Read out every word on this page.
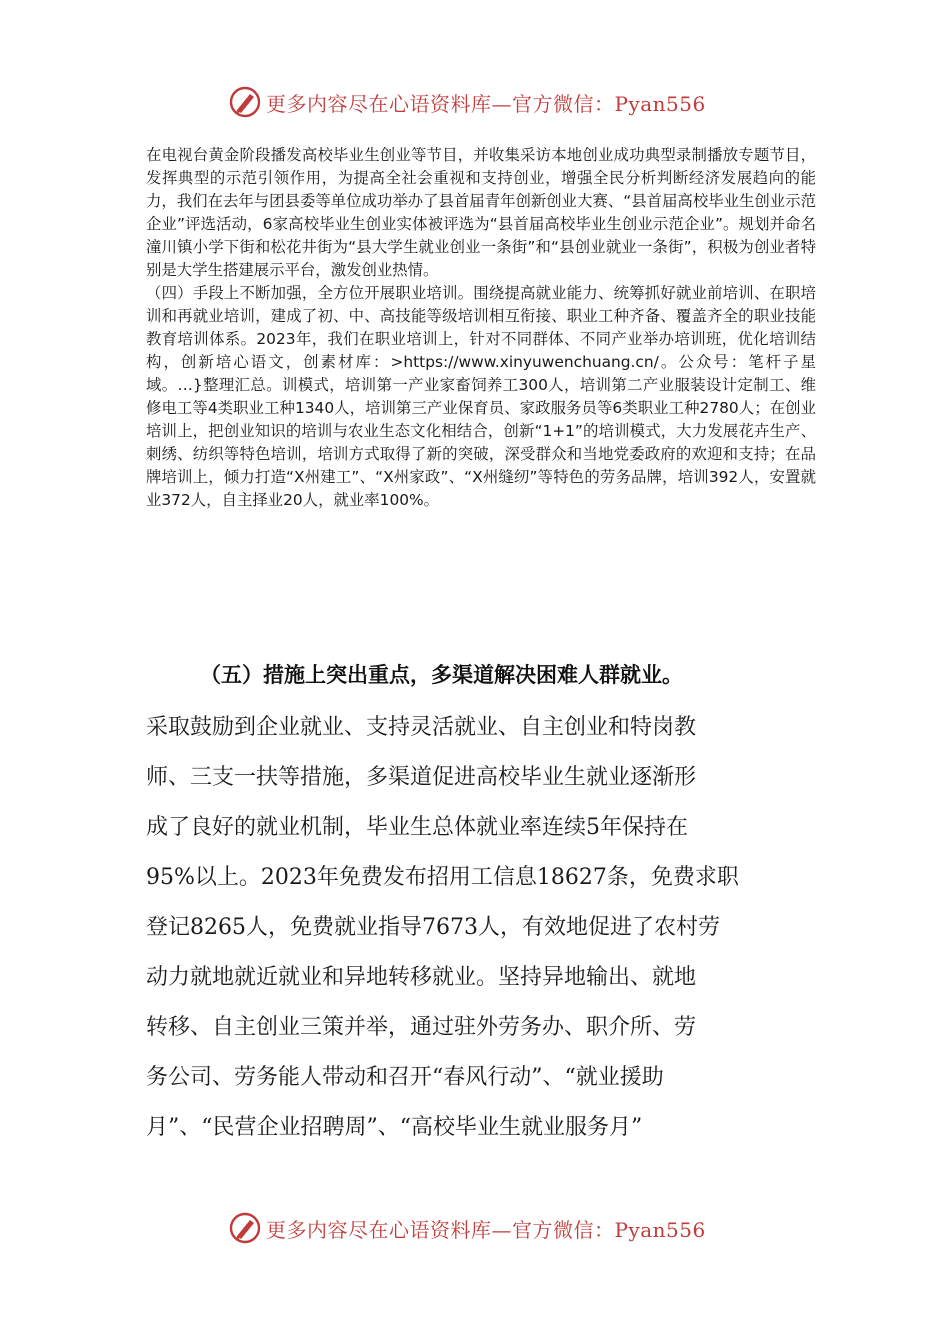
更多内容尽在心语资料库—官方微信：Pyan556

在电视台黄金阶段播发高校毕业生创业等节目，并收集采访本地创业成功典型录制播放专题节目，发挥典型的示范引领作用，为提高全社会重视和支持创业，增强全民分析判断经济发展趋向的能力，我们在去年与团县委等单位成功举办了县首届青年创新创业大赛、“县首届高校毕业生创业示范企业”评选活动，6家高校毕业生创业实体被评选为“县首届高校毕业生创业示范企业”。规划并命名潼川镇小学下街和松花井街为“县大学生就业创业一条街”和“县创业就业一条街”，积极为创业者特别是大学生搭建展示平台，激发创业热情。

（四）手段上不断加强，全方位开展职业培训。围绕提高就业能力、统筹抓好就业前培训、在职培训和再就业培训，建成了初、中、高技能等级培训相互衔接、职业工种齐备、覆盖齐全的职业技能教育培训体系。2023年，我们在职业培训上，针对不同群体、不同产业举办培训班，优化培训结构，创新培心语文，创素材库：>https://www.xinyuwenchuang.cn/。公众号：笔杆子星域。…}整理汇总。训模式，培训第一产业家畜饲养工300人，培训第二产业服装设计定制工、维修电工等4类职业工种1340人，培训第三产业保育员、家政服务员等6类职业工种2780人；在创业培训上，把创业知识的培训与农业生态文化相结合，创新“1+1”的培训模式，大力发展花卉生产、刺绣、纺织等特色培训，培训方式取得了新的突破，深受群众和当地党委政府的欢迎和支持；在品牌培训上，倾力打造“X州建工”、“X州家政”、“X州缝纫”等特色的劳务品牌，培训392人，安置就业372人，自主择业20人，就业率100%。

（五）措施上突出重点，多渠道解决困难人群就业。
采取鼓励到企业就业、支持灵活就业、自主创业和特岗教
师、三支一扶等措施，多渠道促进高校毕业生就业逐渐形
成了良好的就业机制，毕业生总体就业率连续5年保持在
95%以上。2023年免费发布招用工信息18627条，免费求职
登记8265人，免费就业指导7673人，有效地促进了农村劳
动力就地就近就业和异地转移就业。坚持异地输出、就地
转移、自主创业三策并举，通过驻外劳务办、职介所、劳
务公司、劳务能人带动和召开“春风行动”、“就业援助
月”、“民营企业招聘周”、“高校毕业生就业服务月”
更多内容尽在心语资料库—官方微信：Pyan556
